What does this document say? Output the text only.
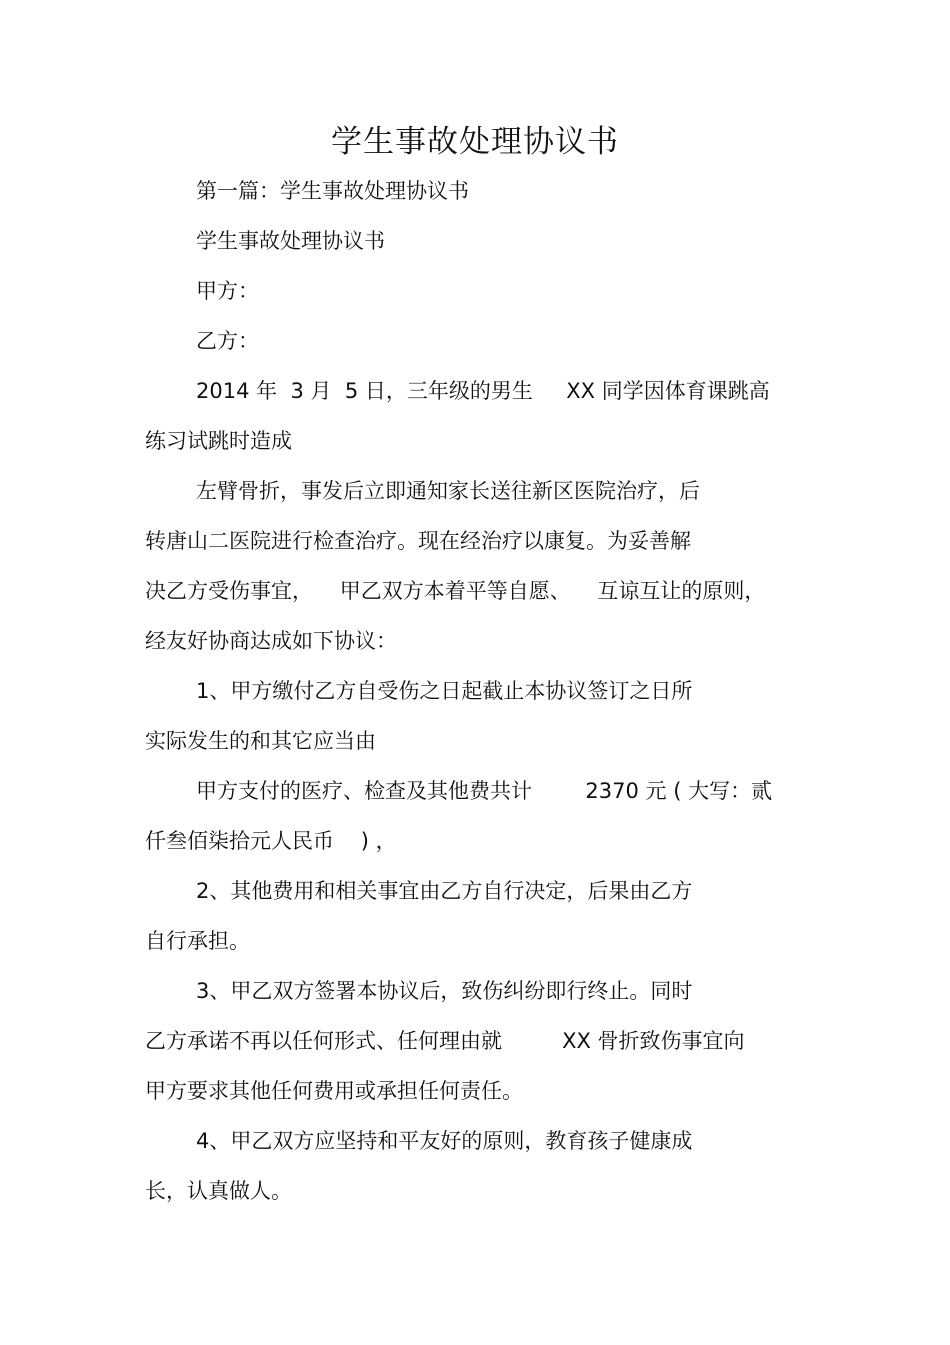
学生事故处理协议书
第一篇：学生事故处理协议书
学生事故处理协议书
甲方：
乙方：
2014 年  3 月  5 日，三年级的男生     XX 同学因体育课跳高
练习试跳时造成
左臂骨折，事发后立即通知家长送往新区医院治疗，后
转唐山二医院进行检查治疗。现在经治疗以康复。为妥善解
决乙方受伤事宜，    甲乙双方本着平等自愿、    互谅互让的原则，
经友好协商达成如下协议：
1、甲方缴付乙方自受伤之日起截止本协议签订之日所
实际发生的和其它应当由
甲方支付的医疗、检查及其他费共计        2370 元 ( 大写：贰
仟叁佰柒拾元人民币    ) ，
2、其他费用和相关事宜由乙方自行决定，后果由乙方
自行承担。
3、甲乙双方签署本协议后，致伤纠纷即行终止。同时
乙方承诺不再以任何形式、任何理由就         XX 骨折致伤事宜向
甲方要求其他任何费用或承担任何责任。
4、甲乙双方应坚持和平友好的原则，教育孩子健康成
长，认真做人。
